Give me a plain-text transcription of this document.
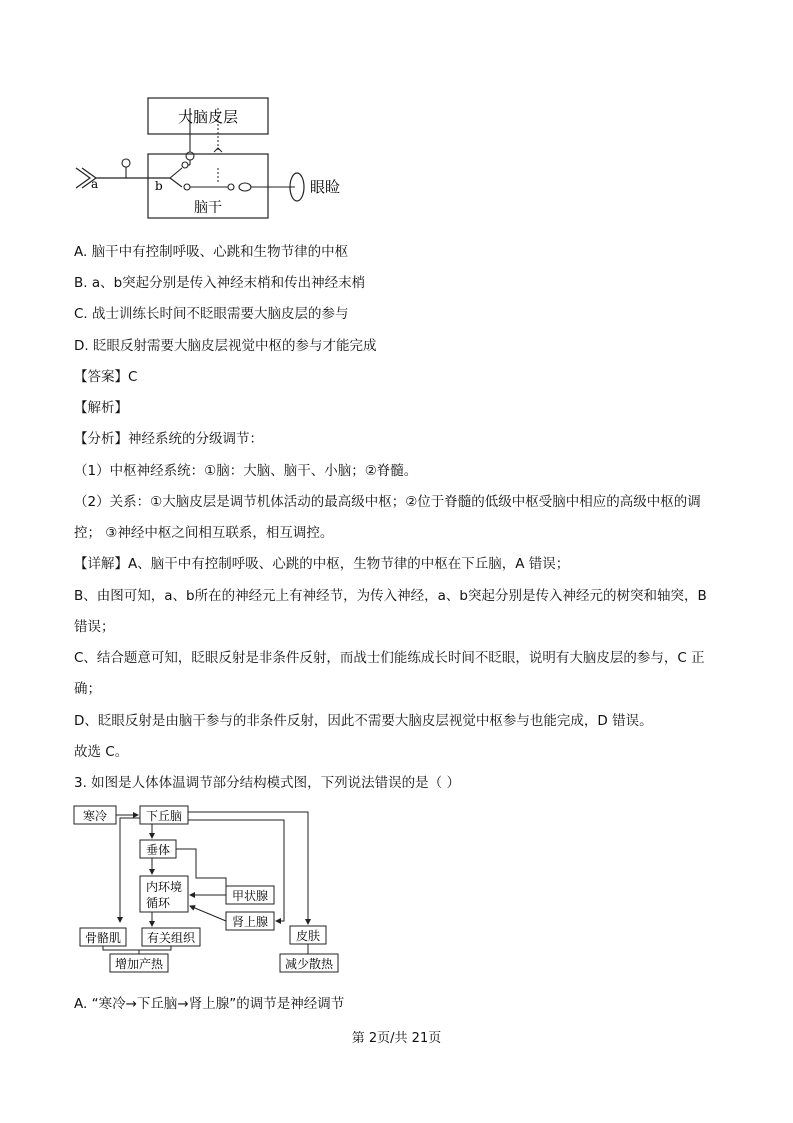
大脑皮层
脑干
a	b	眼睑
A. 脑干中有控制呼吸、心跳和生物节律的中枢
B. a、b突起分别是传入神经末梢和传出神经末梢
C. 战士训练长时间不眨眼需要大脑皮层的参与
D. 眨眼反射需要大脑皮层视觉中枢的参与才能完成
【答案】C
【解析】
【分析】神经系统的分级调节：
（1）中枢神经系统：①脑：大脑、脑干、小脑；②脊髓。
（2）关系：①大脑皮层是调节机体活动的最高级中枢；②位于脊髓的低级中枢受脑中相应的高级中枢的调
控； ③神经中枢之间相互联系，相互调控。
【详解】A、脑干中有控制呼吸、心跳的中枢，生物节律的中枢在下丘脑，A 错误；
B、由图可知，a、b所在的神经元上有神经节，为传入神经，a、b突起分别是传入神经元的树突和轴突，B
错误；
C、结合题意可知，眨眼反射是非条件反射，而战士们能练成长时间不眨眼，说明有大脑皮层的参与，C 正
确；
D、眨眼反射是由脑干参与的非条件反射，因此不需要大脑皮层视觉中枢参与也能完成，D 错误。
故选 C。
3. 如图是人体体温调节部分结构模式图，下列说法错误的是（ ）
寒冷	下丘脑
垂体
内环境
循环	甲状腺
肾上腺
骨骼肌 有关组织	皮肤
增加产热	减少散热
A. “寒冷→下丘脑→肾上腺”的调节是神经调节
第 2页/共 21页
